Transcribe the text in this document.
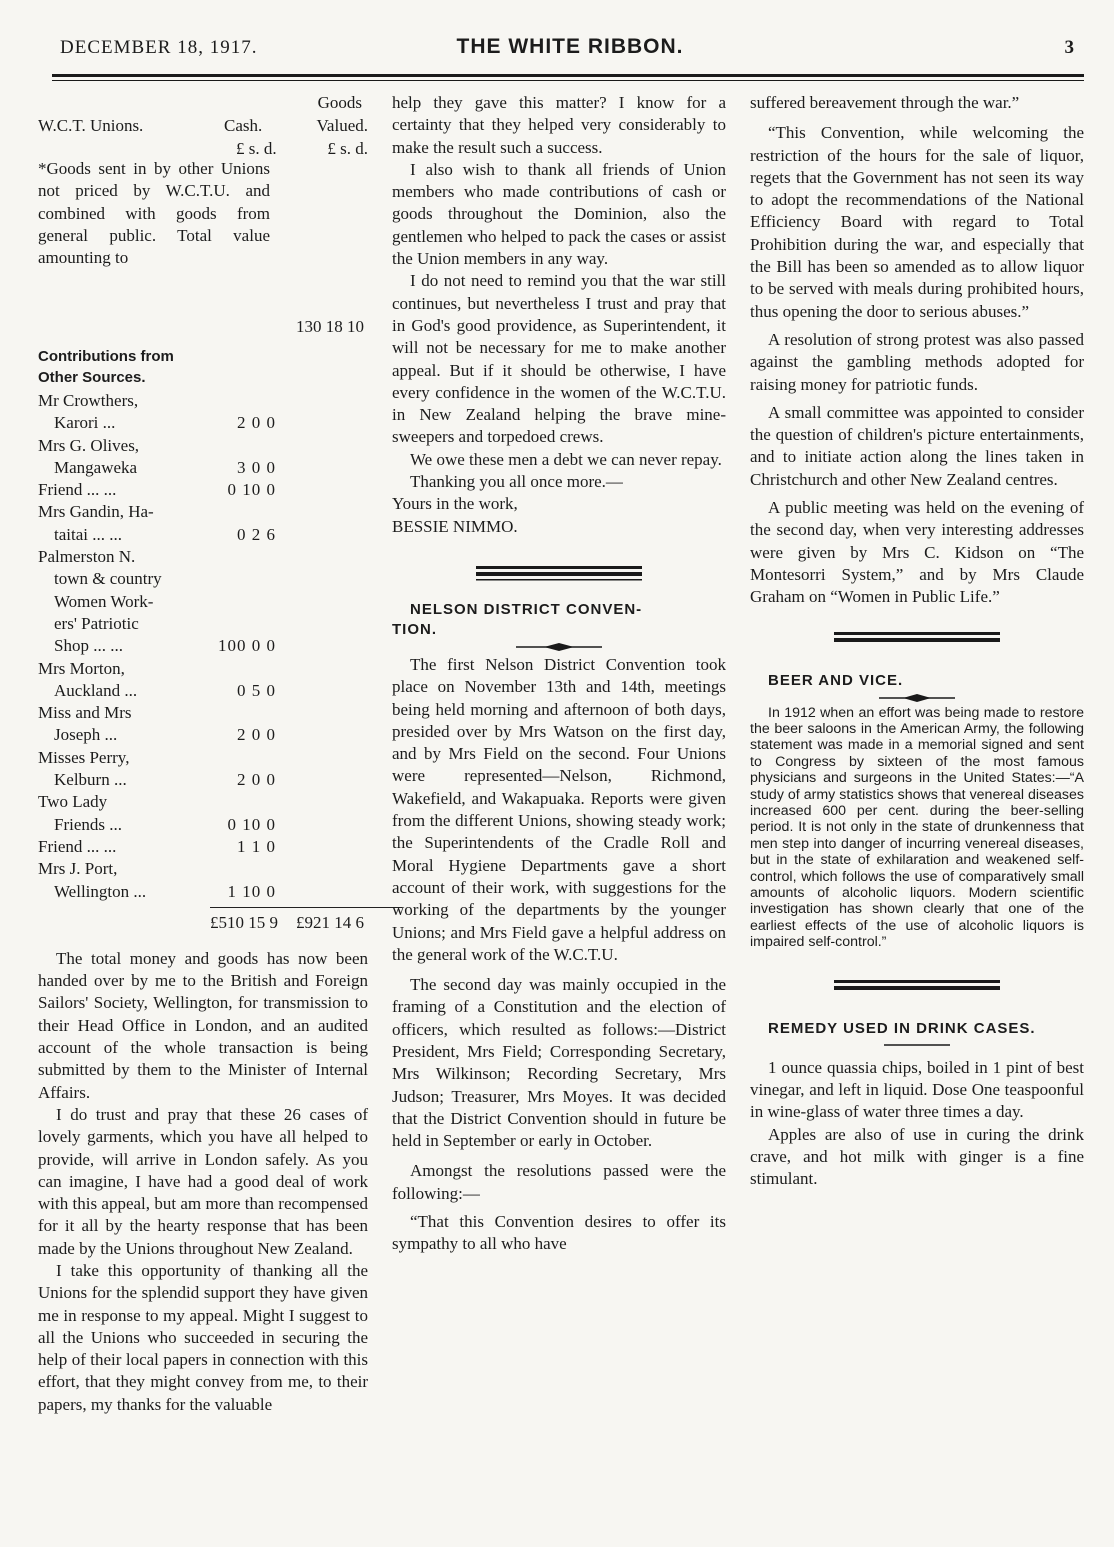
DECEMBER 18, 1917.	THE WHITE RIBBON.	3
Goods
W.C.T. Unions.	Cash.	Valued.
£ s. d.	£ s. d.
*Goods sent in by other Unions not priced by W.C.T.U. and combined with goods from general public. Total value amounting to
130 18 10
Contributions from
Other Sources.
Mr Crowthers,
Karori ...	2 0 0
Mrs G. Olives,
Mangaweka	3 0 0
Friend ... ...	0 10 0
Mrs Gandin, Ha-
taitai ... ...	0 2 6
Palmerston N.
town & country
Women Work-
ers' Patriotic
Shop ... ...	100 0 0
Mrs Morton,
Auckland ...	0 5 0
Miss and Mrs
Joseph ...	2 0 0
Misses Perry,
Kelburn ...	2 0 0
Two Lady
Friends ...	0 10 0
Friend ... ...	1 1 0
Mrs J. Port,
Wellington ...	1 10 0
£510 15 9 £921 14 6

The total money and goods has now been handed over by me to the British and Foreign Sailors' Society, Wellington, for transmission to their Head Office in London, and an audited account of the whole transaction is being submitted by them to the Minister of Internal Affairs.

I do trust and pray that these 26 cases of lovely garments, which you have all helped to provide, will arrive in London safely. As you can imagine, I have had a good deal of work with this appeal, but am more than recompensed for it all by the hearty response that has been made by the Unions throughout New Zealand.

I take this opportunity of thanking all the Unions for the splendid support they have given me in response to my appeal. Might I suggest to all the Unions who succeeded in securing the help of their local papers in connection with this effort, that they might convey from me, to their papers, my thanks for the valuable

help they gave this matter? I know for a certainty that they helped very considerably to make the result such a success.

I also wish to thank all friends of Union members who made contributions of cash or goods throughout the Dominion, also the gentlemen who helped to pack the cases or assist the Union members in any way.

I do not need to remind you that the war still continues, but nevertheless I trust and pray that in God's good providence, as Superintendent, it will not be necessary for me to make another appeal. But if it should be otherwise, I have every confidence in the women of the W.C.T.U. in New Zealand helping the brave mine-sweepers and torpedoed crews.

We owe these men a debt we can never repay.

Thanking you all once more.—

Yours in the work,

BESSIE NIMMO.

NELSON DISTRICT CONVEN-
TION.

The first Nelson District Convention took place on November 13th and 14th, meetings being held morning and afternoon of both days, presided over by Mrs Watson on the first day, and by Mrs Field on the second. Four Unions were represented—Nelson, Richmond, Wakefield, and Wakapuaka. Reports were given from the different Unions, showing steady work; the Superintendents of the Cradle Roll and Moral Hygiene Departments gave a short account of their work, with suggestions for the working of the departments by the younger Unions; and Mrs Field gave a helpful address on the general work of the W.C.T.U.

The second day was mainly occupied in the framing of a Constitution and the election of officers, which resulted as follows:—District President, Mrs Field; Corresponding Secretary, Mrs Wilkinson; Recording Secretary, Mrs Judson; Treasurer, Mrs Moyes. It was decided that the District Convention should in future be held in September or early in October.

Amongst the resolutions passed were the following:—

“That this Convention desires to offer its sympathy to all who have

suffered bereavement through the war.”

“This Convention, while welcoming the restriction of the hours for the sale of liquor, regets that the Government has not seen its way to adopt the recommendations of the National Efficiency Board with regard to Total Prohibition during the war, and especially that the Bill has been so amended as to allow liquor to be served with meals during prohibited hours, thus opening the door to serious abuses.”

A resolution of strong protest was also passed against the gambling methods adopted for raising money for patriotic funds.

A small committee was appointed to consider the question of children's picture entertainments, and to initiate action along the lines taken in Christchurch and other New Zealand centres.

A public meeting was held on the evening of the second day, when very interesting addresses were given by Mrs C. Kidson on “The Montesorri System,” and by Mrs Claude Graham on “Women in Public Life.”

BEER AND VICE.

In 1912 when an effort was being made to restore the beer saloons in the American Army, the following statement was made in a memorial signed and sent to Congress by sixteen of the most famous physicians and surgeons in the United States:—“A study of army statistics shows that venereal diseases increased 600 per cent. during the beer-selling period. It is not only in the state of drunkenness that men step into danger of incurring venereal diseases, but in the state of exhilaration and weakened self-control, which follows the use of comparatively small amounts of alcoholic liquors. Modern scientific investigation has shown clearly that one of the earliest effects of the use of alcoholic liquors is impaired self-control.”

REMEDY USED IN DRINK CASES.

1 ounce quassia chips, boiled in 1 pint of best vinegar, and left in liquid. Dose One teaspoonful in wine-glass of water three times a day.

Apples are also of use in curing the drink crave, and hot milk with ginger is a fine stimulant.
